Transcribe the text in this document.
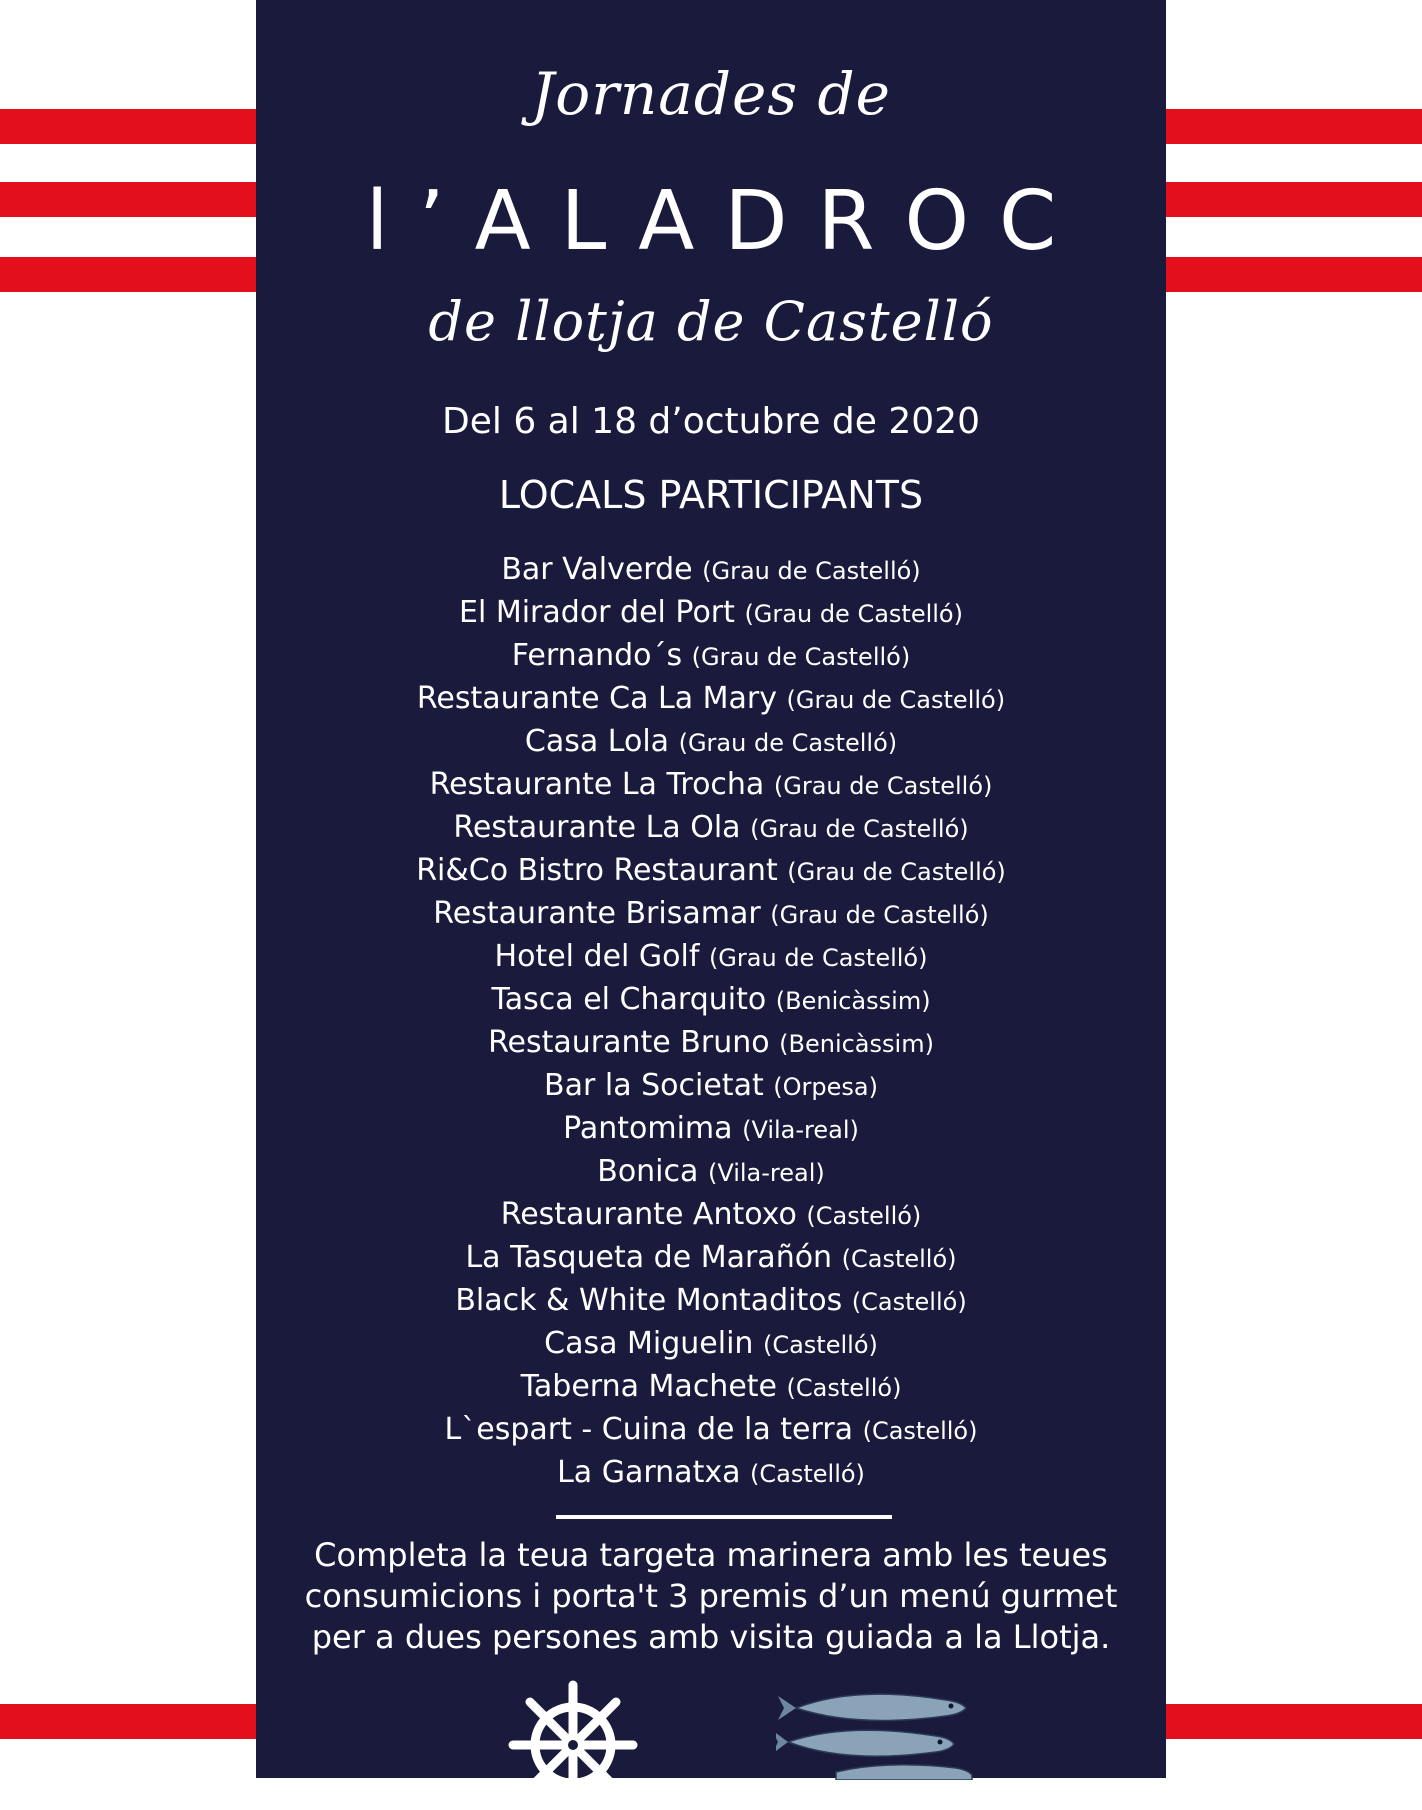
Jornades de
l’ALADROC
de llotja de Castelló
Del 6 al 18 d’octubre de 2020
LOCALS PARTICIPANTS
Bar Valverde (Grau de Castelló)
El Mirador del Port (Grau de Castelló)
Fernando´s (Grau de Castelló)
Restaurante Ca La Mary (Grau de Castelló)
Casa Lola (Grau de Castelló)
Restaurante La Trocha (Grau de Castelló)
Restaurante La Ola (Grau de Castelló)
Ri&Co Bistro Restaurant (Grau de Castelló)
Restaurante Brisamar (Grau de Castelló)
Hotel del Golf (Grau de Castelló)
Tasca el Charquito (Benicàssim)
Restaurante Bruno (Benicàssim)
Bar la Societat (Orpesa)
Pantomima (Vila-real)
Bonica (Vila-real)
Restaurante Antoxo (Castelló)
La Tasqueta de Marañón (Castelló)
Black & White Montaditos (Castelló)
Casa Miguelin (Castelló)
Taberna Machete (Castelló)
L`espart - Cuina de la terra (Castelló)
La Garnatxa (Castelló)

Completa la teua targeta marinera amb les teues

consumicions i porta't 3 premis d’un menú gurmet

per a dues persones amb visita guiada a la Llotja.
